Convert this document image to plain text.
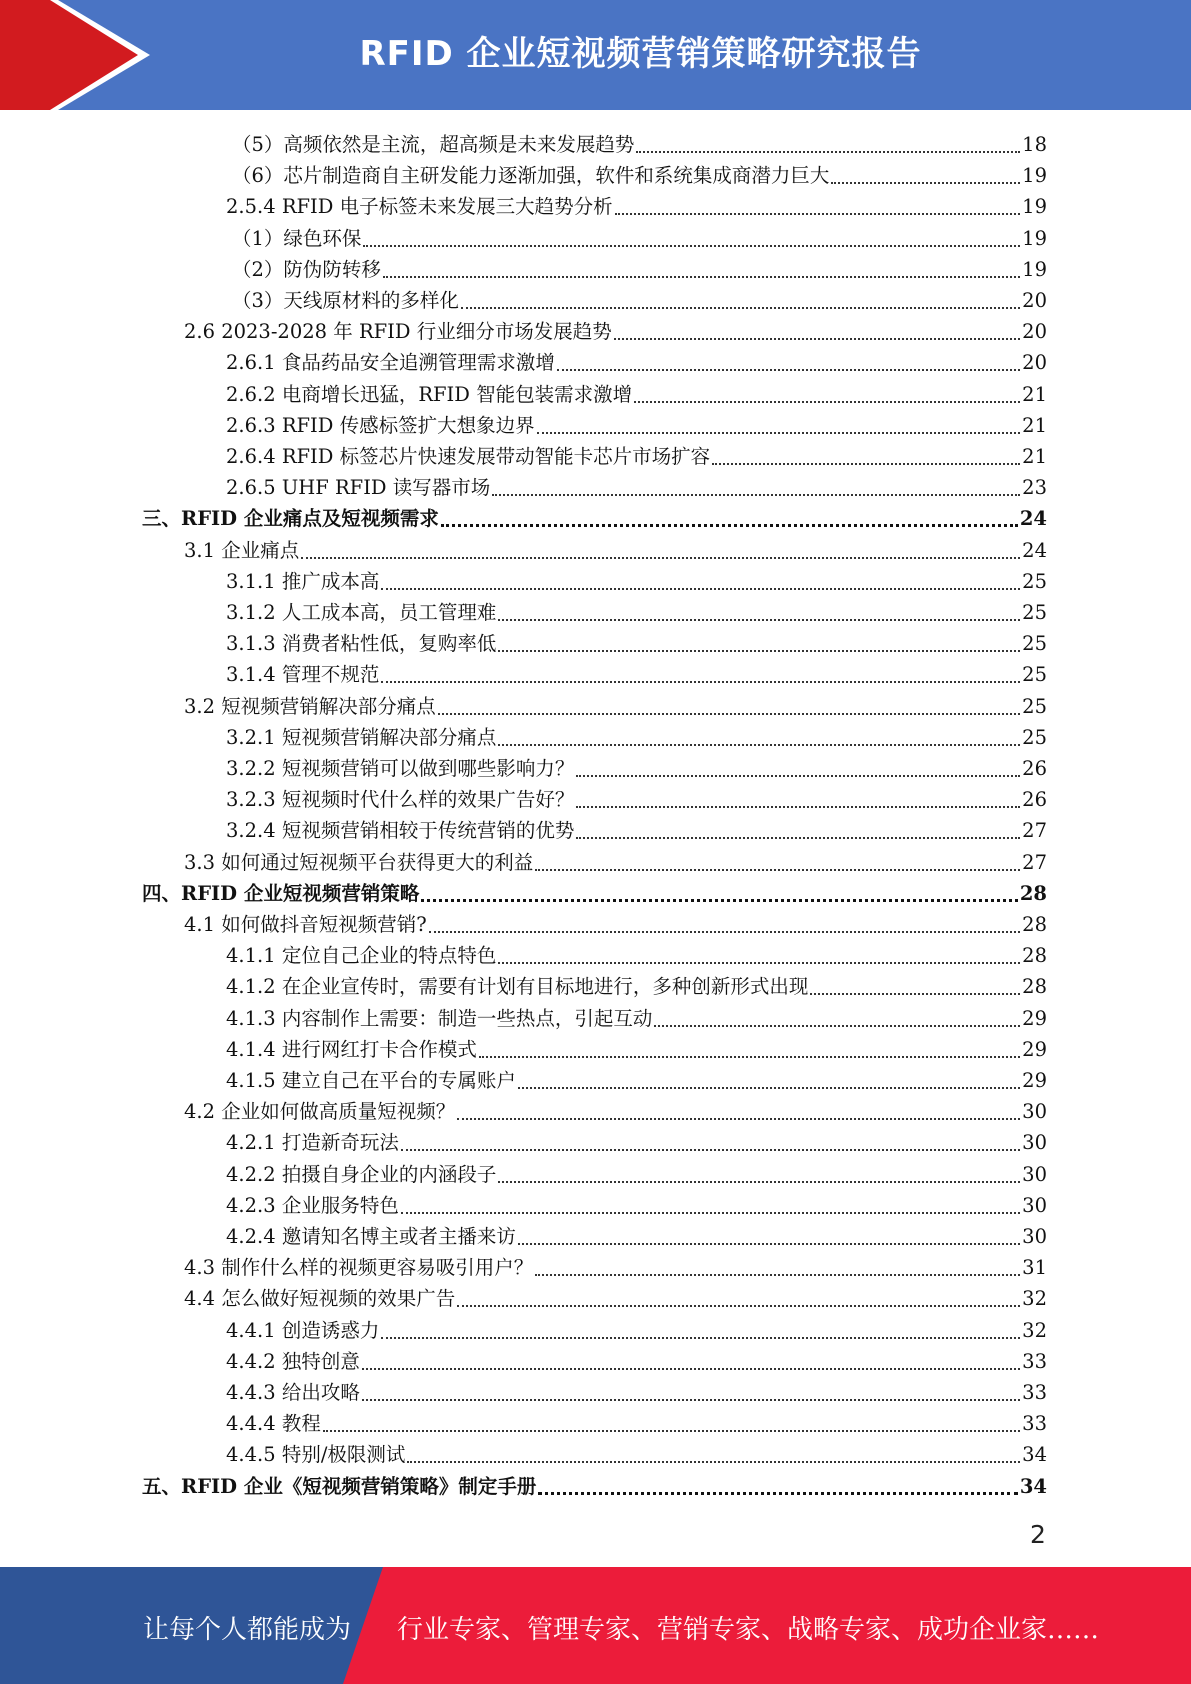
RFID 企业短视频营销策略研究报告
（5）高频依然是主流，超高频是未来发展趋势	18
（6）芯片制造商自主研发能力逐渐加强，软件和系统集成商潜力巨大	19
2.5.4 RFID 电子标签未来发展三大趋势分析	19
（1）绿色环保	19
（2）防伪防转移	19
（3）天线原材料的多样化	20
2.6 2023-2028 年 RFID 行业细分市场发展趋势	20
2.6.1 食品药品安全追溯管理需求激增	20
2.6.2 电商增长迅猛，RFID 智能包装需求激增	21
2.6.3 RFID 传感标签扩大想象边界	21
2.6.4 RFID 标签芯片快速发展带动智能卡芯片市场扩容	21
2.6.5 UHF RFID 读写器市场	23
三、RFID 企业痛点及短视频需求	24
3.1 企业痛点	24
3.1.1 推广成本高	25
3.1.2 人工成本高，员工管理难	25
3.1.3 消费者粘性低，复购率低	25
3.1.4 管理不规范	25
3.2 短视频营销解决部分痛点	25
3.2.1 短视频营销解决部分痛点	25
3.2.2 短视频营销可以做到哪些影响力？	26
3.2.3 短视频时代什么样的效果广告好？	26
3.2.4 短视频营销相较于传统营销的优势	27
3.3 如何通过短视频平台获得更大的利益	27
四、RFID 企业短视频营销策略	28
4.1 如何做抖音短视频营销?	28
4.1.1 定位自己企业的特点特色	28
4.1.2 在企业宣传时，需要有计划有目标地进行，多种创新形式出现	28
4.1.3 内容制作上需要：制造一些热点，引起互动	29
4.1.4 进行网红打卡合作模式	29
4.1.5 建立自己在平台的专属账户	29
4.2 企业如何做高质量短视频？	30
4.2.1 打造新奇玩法	30
4.2.2 拍摄自身企业的内涵段子	30
4.2.3 企业服务特色	30
4.2.4 邀请知名博主或者主播来访	30
4.3 制作什么样的视频更容易吸引用户？	31
4.4 怎么做好短视频的效果广告	32
4.4.1 创造诱惑力	32
4.4.2 独特创意	33
4.4.3 给出攻略	33
4.4.4 教程	33
4.4.5 特别/极限测试	34
五、RFID 企业《短视频营销策略》制定手册	34
2
让每个人都能成为 行业专家、管理专家、营销专家、战略专家、成功企业家……
